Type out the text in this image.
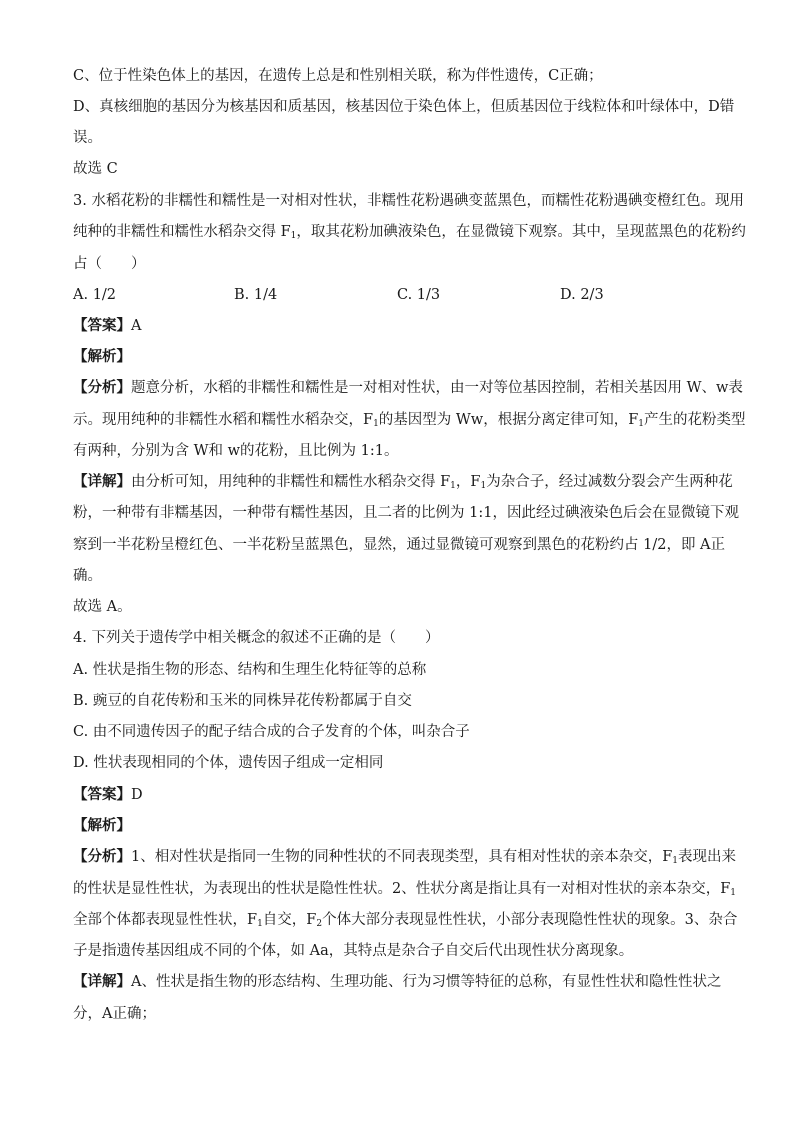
C、位于性染色体上的基因，在遗传上总是和性别相关联，称为伴性遗传，C正确；
D、真核细胞的基因分为核基因和质基因，核基因位于染色体上，但质基因位于线粒体和叶绿体中，D错
误。
故选 C
3. 水稻花粉的非糯性和糯性是一对相对性状，非糯性花粉遇碘变蓝黑色，而糯性花粉遇碘变橙红色。现用
纯种的非糯性和糯性水稻杂交得 $F_1$，取其花粉加碘液染色，在显微镜下观察。其中，呈现蓝黑色的花粉约
占（　　）
A. 1/2	B. 1/4	C. 1/3	D. 2/3
【答案】A
【解析】
【分析】题意分析，水稻的非糯性和糯性是一对相对性状，由一对等位基因控制，若相关基因用 W、w表
示。现用纯种的非糯性水稻和糯性水稻杂交，$F_1$的基因型为 Ww，根据分离定律可知，$F_1$产生的花粉类型
有两种，分别为含 W和 w的花粉，且比例为 1:1。
【详解】由分析可知，用纯种的非糯性和糯性水稻杂交得 $F_1$，$F_1$为杂合子，经过减数分裂会产生两种花
粉，一种带有非糯基因，一种带有糯性基因，且二者的比例为 1:1，因此经过碘液染色后会在显微镜下观
察到一半花粉呈橙红色、一半花粉呈蓝黑色，显然，通过显微镜可观察到黑色的花粉约占 1/2，即 A正
确。
故选 A。
4. 下列关于遗传学中相关概念的叙述不正确的是（　　）
A. 性状是指生物的形态、结构和生理生化特征等的总称
B. 豌豆的自花传粉和玉米的同株异花传粉都属于自交
C. 由不同遗传因子的配子结合成的合子发育的个体，叫杂合子
D. 性状表现相同的个体，遗传因子组成一定相同
【答案】D
【解析】
【分析】1、相对性状是指同一生物的同种性状的不同表现类型，具有相对性状的亲本杂交，$F_1$表现出来
的性状是显性性状，为表现出的性状是隐性性状。2、性状分离是指让具有一对相对性状的亲本杂交，$F_1$
全部个体都表现显性性状，$F_1$自交，$F_2$个体大部分表现显性性状，小部分表现隐性性状的现象。3、杂合
子是指遗传基因组成不同的个体，如 Aa，其特点是杂合子自交后代出现性状分离现象。
【详解】A、性状是指生物的形态结构、生理功能、行为习惯等特征的总称，有显性性状和隐性性状之
分，A正确；
